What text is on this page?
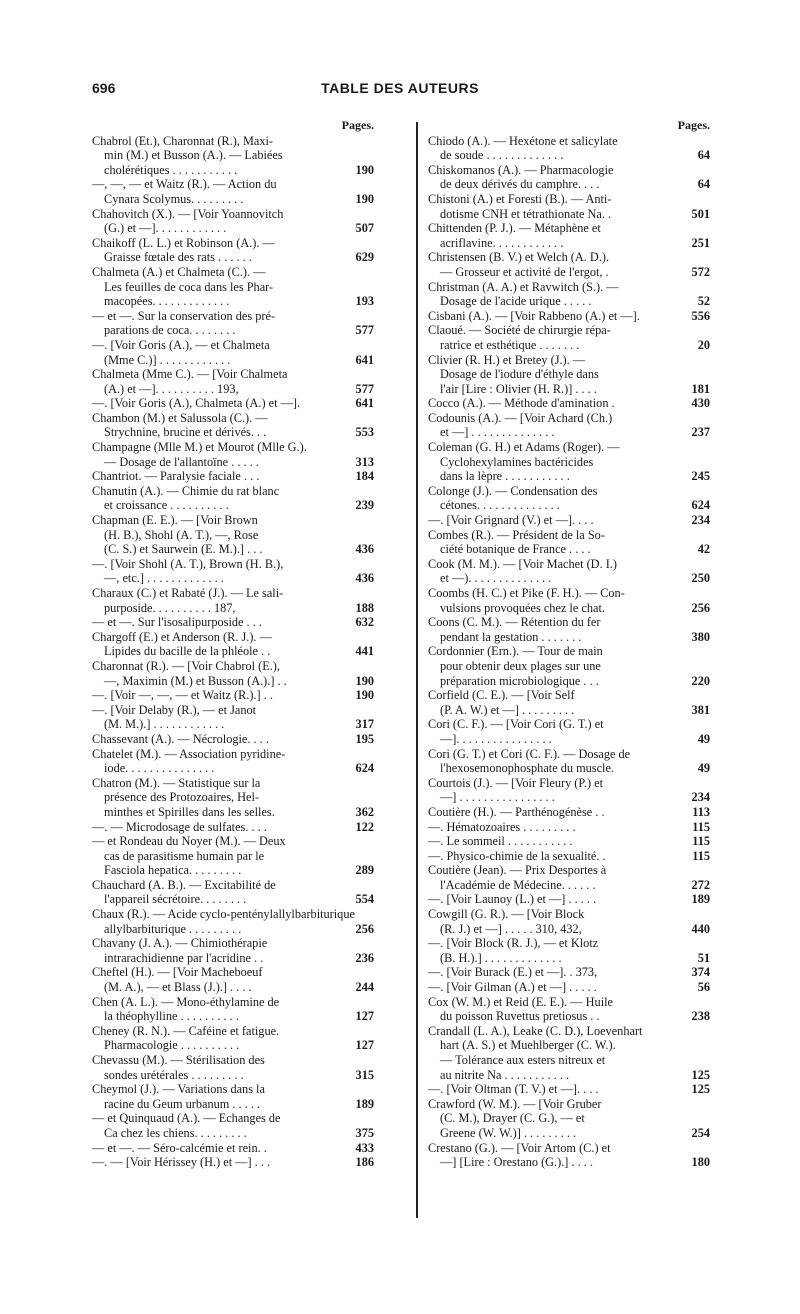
696	TABLE DES AUTEURS
Pages.
Chabrol (Et.), Charonnat (R.), Maxi-
min (M.) et Busson (A.). — Labiées
cholérétiques . . . . . . . . . . .	190
—, —, — et Waitz (R.). — Action du
Cynara Scolymus. . . . . . . . .	190
Chahovitch (X.). — [Voir Yoannovitch
(G.) et —]. . . . . . . . . . . .	507
Chaikoff (L. L.) et Robinson (A.). —
Graisse fœtale des rats . . . . . .	629
Chalmeta (A.) et Chalmeta (C.). —
Les feuilles de coca dans les Phar-
macopées. . . . . . . . . . . . .	193
— et —. Sur la conservation des pré-
parations de coca. . . . . . . .	577
—. [Voir Goris (A.), — et Chalmeta
(Mme C.)] . . . . . . . . . . . .	641
Chalmeta (Mme C.). — [Voir Chalmeta
(A.) et —]. . . . . . . . . . 193,	577
—. [Voir Goris (A.), Chalmeta (A.) et —].	641
Chambon (M.) et Salussola (C.). —
Strychnine, brucine et dérivés. . .	553
Champagne (Mlle M.) et Mourot (Mlle G.).
— Dosage de l'allantoïne . . . . .	313
Chantriot. — Paralysie faciale . . .	184
Chanutin (A.). — Chimie du rat blanc
et croissance . . . . . . . . . .	239
Chapman (E. E.). — [Voir Brown
(H. B.), Shohl (A. T.), —, Rose
(C. S.) et Saurwein (E. M.).] . . .	436
—. [Voir Shohl (A. T.), Brown (H. B.),
—, etc.] . . . . . . . . . . . . .	436
Charaux (C.) et Rabaté (J.). — Le sali-
purposide. . . . . . . . . . 187,	188
— et —. Sur l'isosalipurposide . . .	632
Chargoff (E.) et Anderson (R. J.). —
Lipides du bacille de la phléole . .	441
Charonnat (R.). — [Voir Chabrol (E.),
—, Maximin (M.) et Busson (A.).] . .	190
—. [Voir —, —, — et Waitz (R.).] . .	190
—. [Voir Delaby (R.), — et Janot
(M. M.).] . . . . . . . . . . . .	317
Chassevant (A.). — Nécrologie. . . .	195
Chatelet (M.). — Association pyridine-
iode. . . . . . . . . . . . . . .	624
Chatron (M.). — Statistique sur la
présence des Protozoaires, Hel-
minthes et Spirilles dans les selles.	362
—. — Microdosage de sulfates. . . .	122
— et Rondeau du Noyer (M.). — Deux
cas de parasitisme humain par le
Fasciola hepatica. . . . . . . . .	289
Chauchard (A. B.). — Excitabilité de
l'appareil sécrétoire. . . . . . . .	554
Chaux (R.). — Acide cyclo-penténylallylbarbiturique
allylbarbiturique . . . . . . . . .	256
Chavany (J. A.). — Chimiothérapie
intrarachidienne par l'acridine . .	236
Cheftel (H.). — [Voir Macheboeuf
(M. A.), — et Blass (J.).] . . . .	244
Chen (A. L.). — Mono-éthylamine de
la théophylline . . . . . . . . . .	127
Cheney (R. N.). — Caféine et fatigue.
Pharmacologie . . . . . . . . . .	127
Chevassu (M.). — Stérilisation des
sondes urétérales . . . . . . . . .	315
Cheymol (J.). — Variations dans la
racine du Geum urbanum . . . . .	189
— et Quinquaud (A.). — Echanges de
Ca chez les chiens. . . . . . . . .	375
— et —. — Séro-calcémie et rein. .	433
—. — [Voir Hérissey (H.) et —] . . .	186
Pages.
Chiodo (A.). — Hexétone et salicylate
de soude . . . . . . . . . . . . .	64
Chiskomanos (A.). — Pharmacologie
de deux dérivés du camphre. . . .	64
Chistoni (A.) et Foresti (B.). — Anti-
dotisme CNH et tétrathionate Na. .	501
Chittenden (P. J.). — Métaphène et
acriflavine. . . . . . . . . . . .	251
Christensen (B. V.) et Welch (A. D.).
— Grosseur et activité de l'ergot, .	572
Christman (A. A.) et Ravwitch (S.). —
Dosage de l'acide urique . . . . .	52
Cisbani (A.). — [Voir Rabbeno (A.) et —].	556
Claoué. — Société de chirurgie répa-
ratrice et esthétique . . . . . . .	20
Clivier (R. H.) et Bretey (J.). —
Dosage de l'iodure d'éthyle dans
l'air [Lire : Olivier (H. R.)] . . . .	181
Cocco (A.). — Méthode d'amination .	430
Codounis (A.). — [Voir Achard (Ch.)
et —] . . . . . . . . . . . . . .	237
Coleman (G. H.) et Adams (Roger). —
Cyclohexylamines bactéricides
dans la lèpre . . . . . . . . . . .	245
Colonge (J.). — Condensation des
cétones. . . . . . . . . . . . . .	624
—. [Voir Grignard (V.) et —]. . . .	234
Combes (R.). — Président de la So-
ciété botanique de France . . . .	42
Cook (M. M.). — [Voir Machet (D. I.)
et —). . . . . . . . . . . . . .	250
Coombs (H. C.) et Pike (F. H.). — Con-
vulsions provoquées chez le chat.	256
Coons (C. M.). — Rétention du fer
pendant la gestation . . . . . . .	380
Cordonnier (Ern.). — Tour de main
pour obtenir deux plages sur une
préparation microbiologique . . .	220
Corfield (C. E.). — [Voir Self
(P. A. W.) et —] . . . . . . . . .	381
Cori (C. F.). — [Voir Cori (G. T.) et
—]. . . . . . . . . . . . . . . .	49
Cori (G. T.) et Cori (C. F.). — Dosage de
l'hexosemonophosphate du muscle.	49
Courtois (J.). — [Voir Fleury (P.) et
—] . . . . . . . . . . . . . . . .	234
Coutière (H.). — Parthénogénèse . .	113
—. Hématozoaires . . . . . . . . .	115
—. Le sommeil . . . . . . . . . . .	115
—. Physico-chimie de la sexualité. .	115
Coutière (Jean). — Prix Desportes à
l'Académie de Médecine. . . . . .	272
—. [Voir Launoy (L.) et —] . . . . .	189
Cowgill (G. R.). — [Voir Block
(R. J.) et —] . . . . . 310, 432,	440
—. [Voir Block (R. J.), — et Klotz
(B. H.).] . . . . . . . . . . . . .	51
—. [Voir Burack (E.) et —]. . 373,	374
—. [Voir Gilman (A.) et —] . . . . .	56
Cox (W. M.) et Reid (E. E.). — Huile
du poisson Ruvettus pretiosus . .	238
Crandall (L. A.), Leake (C. D.), Loevenhart
hart (A. S.) et Muehlberger (C. W.).
— Tolérance aux esters nitreux et
au nitrite Na . . . . . . . . . . .	125
—. [Voir Oltman (T. V.) et —]. . . .	125
Crawford (W. M.). — [Voir Gruber
(C. M.), Drayer (C. G.), — et
Greene (W. W.)] . . . . . . . . .	254
Crestano (G.). — [Voir Artom (C.) et
—] [Lire : Orestano (G.).] . . . .	180
